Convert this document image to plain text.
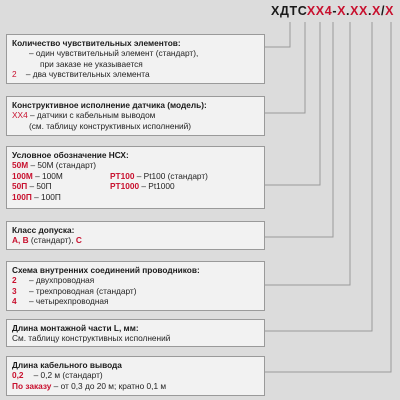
ХДТСХХ4-Х.ХХ.Х/Х
Количество чувствительных элементов:
– один чувствительный элемент (стандарт),
при заказе не указывается
2 – два чувствительных элемента
Конструктивное исполнение датчика (модель):
ХХ4 – датчики с кабельным выводом
(см. таблицу конструктивных исполнений)
Условное обозначение НСХ:
50М – 50М (стандарт)
100М – 100М	PT100 – Pt100 (стандарт)
50П – 50П	PT1000 – Pt1000
100П – 100П
Класс допуска:
A, B (стандарт), C
Схема внутренних соединений проводников:
2 – двухпроводная
3 – трехпроводная (стандарт)
4 – четырехпроводная
Длина монтажной части L, мм:
См. таблицу конструктивных исполнений
Длина кабельного вывода
0,2 – 0,2 м (стандарт)
По заказу – от 0,3 до 20 м; кратно 0,1 м
